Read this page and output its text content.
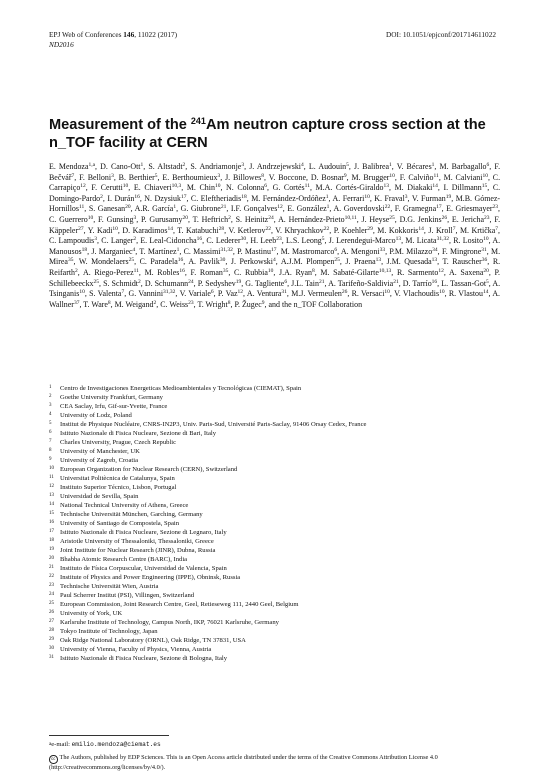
EPJ Web of Conferences 146, 11022 (2017)
ND2016
DOI: 10.1051/epjconf/201714611022
Measurement of the $^{241}$Am neutron capture cross section at the
n_TOF facility at CERN
E. Mendoza$^{1,a}$, D. Cano-Ott$^1$, S. Altstadt$^2$, S. Andriamonje$^3$, J. Andrzejewski$^4$, L. Audouin$^5$, J. Balibrea$^1$, V. Bécares$^1$, M. Barbagallo$^6$, F. Bečvář$^7$, F. Belloni$^3$, B. Berthier$^5$, E. Berthoumieux$^3$, J. Billowes$^8$, V. Boccone, D. Bosnar$^9$, M. Brugger$^{10}$, F. Calviño$^{11}$, M. Calviani$^{10}$, C. Carrapiço$^{12}$, F. Cerutti$^{10}$, E. Chiaveri$^{10,3}$, M. Chin$^{10}$, N. Colonna$^6$, G. Cortés$^{11}$, M.A. Cortés-Giraldo$^{13}$, M. Diakaki$^{14}$, I. Dillmann$^{15}$, C. Domingo-Pardo$^2$, I. Durán$^{16}$, N. Dzysiuk$^{17}$, C. Eleftheriadis$^{18}$, M. Fernández-Ordóñez$^1$, A. Ferrari$^{10}$, K. Fraval$^3$, V. Furman$^{19}$, M.B. Gómez-Hornillos$^{11}$, S. Ganesan$^{20}$, A.R. García$^1$, G. Giubrone$^{21}$, I.F. Gonçalves$^{12}$, E. González$^1$, A. Goverdovski$^{22}$, F. Gramegna$^{17}$, E. Griesmayer$^{23}$, C. Guerrero$^{10}$, F. Gunsing$^3$, P. Gurusamy$^{20}$, T. Heftrich$^2$, S. Heinitz$^{24}$, A. Hernández-Prieto$^{10,11}$, J. Heyse$^{25}$, D.G. Jenkins$^{26}$, E. Jericha$^{23}$, F. Käppeler$^{27}$, Y. Kadi$^{10}$, D. Karadimos$^{14}$, T. Katabuchi$^{28}$, V. Ketlerov$^{22}$, V. Khryachkov$^{22}$, P. Koehler$^{29}$, M. Kokkoris$^{14}$, J. Kroll$^7$, M. Krtička$^7$, C. Lampoudis$^3$, C. Langer$^2$, E. Leal-Cidoncha$^{16}$, C. Lederer$^{30}$, H. Leeb$^{23}$, L.S. Leong$^5$, J. Lerendegui-Marco$^{13}$, M. Licata$^{31,32}$, R. Losito$^{10}$, A. Manousos$^{18}$, J. Marganiec$^4$, T. Martínez$^1$, C. Massimi$^{31,32}$, P. Mastinu$^{17}$, M. Mastromarco$^6$, A. Mengoni$^{33}$, P.M. Milazzo$^{34}$, F. Mingrone$^{31}$, M. Mirea$^{35}$, W. Mondelaers$^{25}$, C. Paradela$^{16}$, A. Pavlik$^{30}$, J. Perkowski$^4$, A.J.M. Plompen$^{25}$, J. Praena$^{13}$, J.M. Quesada$^{13}$, T. Rauscher$^{36}$, R. Reifarth$^2$, A. Riego-Perez$^{11}$, M. Robles$^{16}$, F. Roman$^{35}$, C. Rubbia$^{10}$, J.A. Ryan$^8$, M. Sabaté-Gilarte$^{10,13}$, R. Sarmento$^{12}$, A. Saxena$^{20}$, P. Schillebeeckx$^{25}$, S. Schmidt$^2$, D. Schumann$^{24}$, P. Sedyshev$^{19}$, G. Tagliente$^6$, J.L. Tain$^{21}$, A. Tarifeño-Saldivia$^{21}$, D. Tarrío$^{16}$, L. Tassan-Got$^5$, A. Tsinganis$^{10}$, S. Valenta$^7$, G. Vannini$^{31,32}$, V. Variale$^6$, P. Vaz$^{12}$, A. Ventura$^{31}$, M.J. Vermeulen$^{26}$, R. Versaci$^{10}$, V. Vlachoudis$^{10}$, R. Vlastou$^{14}$, A. Wallner$^{37}$, T. Ware$^8$, M. Weigand$^2$, C. Weiss$^{23}$, T. Wright$^8$, P. Žugec$^9$, and the n_TOF Collaboration
1	Centro de Investigaciones Energeticas Medioambientales y Tecnológicas (CIEMAT), Spain
2	Goethe University Frankfurt, Germany
3	CEA Saclay, Irfu, Gif-sur-Yvette, France
4	University of Lodz, Poland
5	Institut de Physique Nucléaire, CNRS-IN2P3, Univ. Paris-Sud, Université Paris-Saclay, 91406 Orsay Cedex, France
6	Istituto Nazionale di Fisica Nucleare, Sezione di Bari, Italy
7	Charles University, Prague, Czech Republic
8	University of Manchester, UK
9	University of Zagreb, Croatia
10 European Organization for Nuclear Research (CERN), Switzerland
11 Universitat Politècnica de Catalunya, Spain
12 Instituto Superior Técnico, Lisbon, Portugal
13 Universidad de Sevilla, Spain
14 National Technical University of Athens, Greece
15 Technische Universität München, Garching, Germany
16 University of Santiago de Compostela, Spain
17 Istituto Nazionale di Fisica Nucleare, Sezione di Legnaro, Italy
18 Aristotle University of Thessaloniki, Thessaloniki, Greece
19 Joint Institute for Nuclear Research (JINR), Dubna, Russia
20 Bhabha Atomic Research Centre (BARC), India
21 Instituto de Física Corpuscular, Universidad de Valencia, Spain
22 Institute of Physics and Power Engineering (IPPE), Obninsk, Russia
23 Technische Universität Wien, Austria
24 Paul Scherrer Institut (PSI), Villingen, Switzerland
25 European Commission, Joint Research Centre, Geel, Retieseweg 111, 2440 Geel, Belgium
26 University of York, UK
27 Karlsruhe Institute of Technology, Campus North, IKP, 76021 Karlsruhe, Germany
28 Tokyo Institute of Technology, Japan
29 Oak Ridge National Laboratory (ORNL), Oak Ridge, TN 37831, USA
30 University of Vienna, Faculty of Physics, Vienna, Austria
31 Istituto Nazionale di Fisica Nucleare, Sezione di Bologna, Italy
$^a$e-mail: emilio.mendoza@ciemat.es
cc The Authors, published by EDP Sciences. This is an Open Access article distributed under the terms of the Creative Commons Attribution License 4.0
(http://creativecommons.org/licenses/by/4.0/).
